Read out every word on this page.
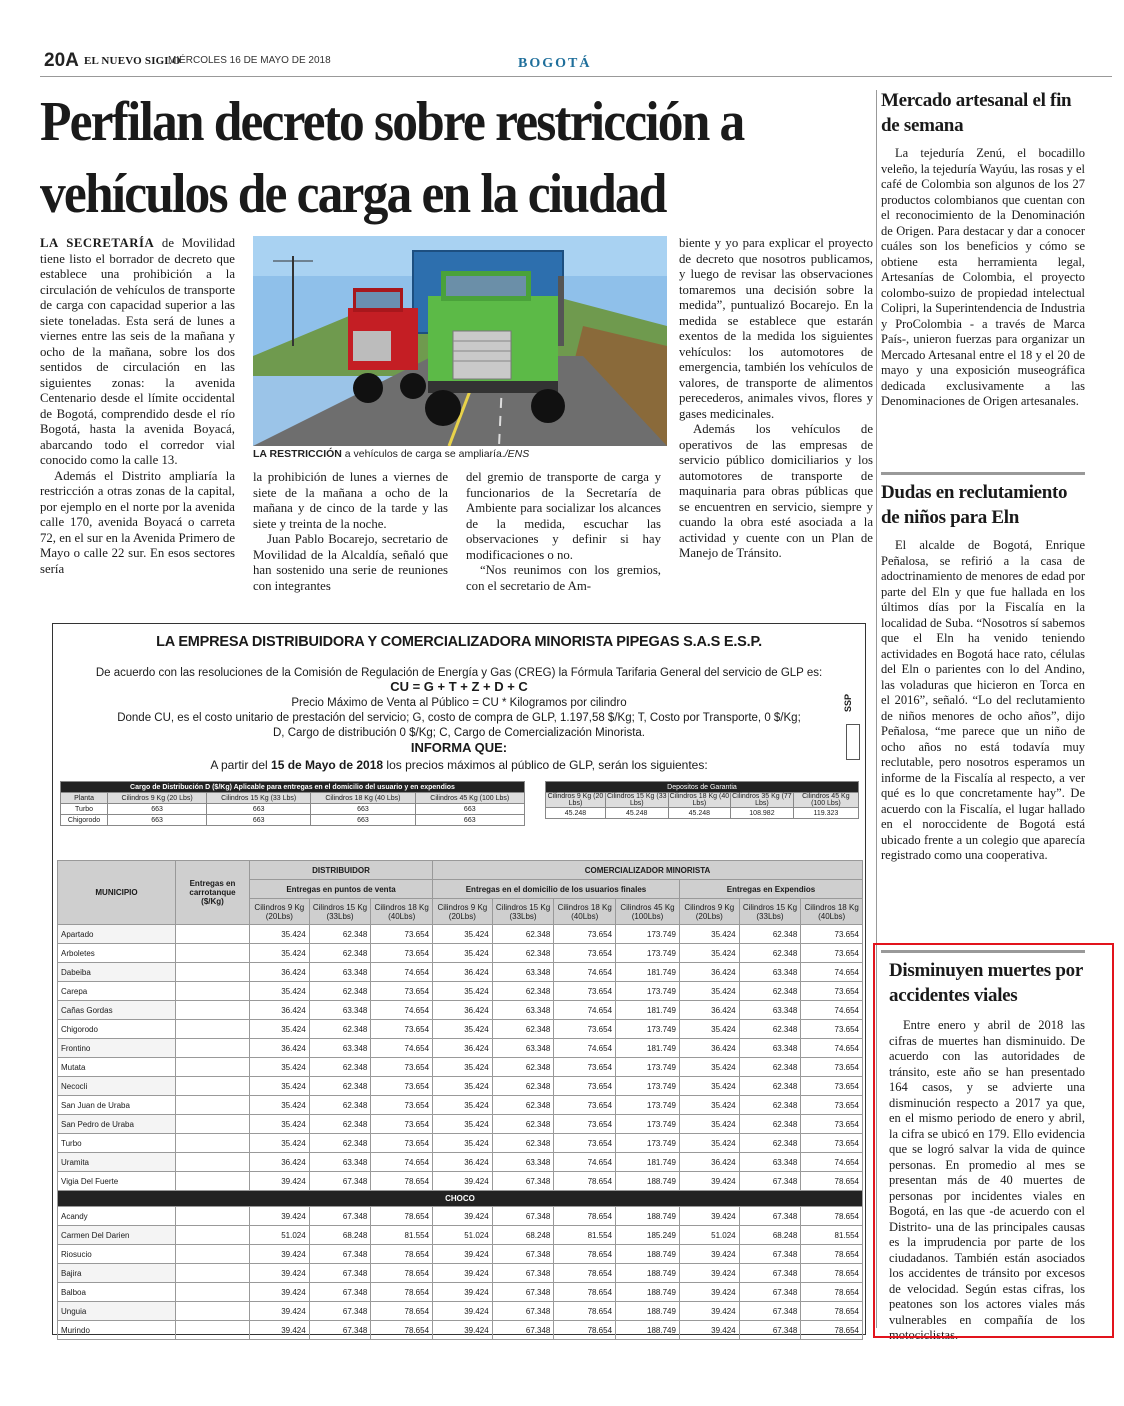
20A EL NUEVO SIGLO
MIÉRCOLES 16 DE MAYO DE 2018	BOGOTÁ
Perfilan decreto sobre restricción a vehículos de carga en la ciudad

LA SECRETARÍA de Movilidad tiene listo el borrador de decreto que establece una prohibición a la circulación de vehículos de transporte de carga con capacidad superior a las siete toneladas. Esta será de lunes a viernes entre las seis de la mañana y ocho de la mañana, sobre los dos sentidos de circulación en las siguientes zonas: la avenida Centenario desde el límite occidental de Bogotá, comprendido desde el río Bogotá, hasta la avenida Boyacá, abarcando todo el corredor vial conocido como la calle 13.

Además el Distrito ampliaría la restricción a otras zonas de la capital, por ejemplo en el norte por la avenida calle 170, avenida Boyacá o carreta 72, en el sur en la Avenida Primero de Mayo o calle 22 sur. En esos sectores sería

LA RESTRICCIÓN a vehículos de carga se ampliaría./ENS

la prohibición de lunes a viernes de siete de la mañana a ocho de la mañana y de cinco de la tarde y las siete y treinta de la noche.

Juan Pablo Bocarejo, secretario de Movilidad de la Alcaldía, señaló que han sostenido una serie de reuniones con integrantes

del gremio de transporte de carga y funcionarios de la Secretaría de Ambiente para socializar los alcances de la medida, escuchar las observaciones y definir si hay modificaciones o no.

“Nos reunimos con los gremios, con el secretario de Am-

biente y yo para explicar el proyecto de decreto que nosotros publicamos, y luego de revisar las observaciones tomaremos una decisión sobre la medida”, puntualizó Bocarejo. En la medida se establece que estarán exentos de la medida los siguientes vehículos: los automotores de emergencia, también los vehículos de valores, de transporte de alimentos perecederos, animales vivos, flores y gases medicinales.

Además los vehículos de operativos de las empresas de servicio público domiciliarios y los automotores de transporte de maquinaria para obras públicas que se encuentren en servicio, siempre y cuando la obra esté asociada a la actividad y cuente con un Plan de Manejo de Tránsito.

Mercado artesanal el fin de semana

La tejeduría Zenú, el bocadillo veleño, la tejeduría Wayúu, las rosas y el café de Colombia son algunos de los 27 productos colombianos que cuentan con el reconocimiento de la Denominación de Origen. Para destacar y dar a conocer cuáles son los beneficios y cómo se obtiene esta herramienta legal, Artesanías de Colombia, el proyecto colombo-suizo de propiedad intelectual Colipri, la Superintendencia de Industria y ProColombia - a través de Marca País-, unieron fuerzas para organizar un Mercado Artesanal entre el 18 y el 20 de mayo y una exposición museográfica dedicada exclusivamente a las Denominaciones de Origen artesanales.

Dudas en reclutamiento de niños para Eln

El alcalde de Bogotá, Enrique Peñalosa, se refirió a la casa de adoctrinamiento de menores de edad por parte del Eln y que fue hallada en los últimos días por la Fiscalía en la localidad de Suba. “Nosotros sí sabemos que el Eln ha venido teniendo actividades en Bogotá hace rato, células del Eln o parientes con lo del Andino, las voladuras que hicieron en Torca en el 2016”, señaló. “Lo del reclutamiento de niños menores de ocho años”, dijo Peñalosa, “me parece que un niño de ocho años no está todavía muy reclutable, pero nosotros esperamos un informe de la Fiscalía al respecto, a ver qué es lo que concretamente hay”. De acuerdo con la Fiscalía, el lugar hallado en el noroccidente de Bogotá está ubicado frente a un colegio que aparecía registrado como una cooperativa.

Disminuyen muertes por accidentes viales

Entre enero y abril de 2018 las cifras de muertes han disminuido. De acuerdo con las autoridades de tránsito, este año se han presentado 164 casos, y se advierte una disminución respecto a 2017 ya que, en el mismo periodo de enero y abril, la cifra se ubicó en 179. Ello evidencia que se logró salvar la vida de quince personas. En promedio al mes se presentan más de 40 muertes de personas por incidentes viales en Bogotá, en las que -de acuerdo con el Distrito- una de las principales causas es la imprudencia por parte de los ciudadanos. También están asociados los accidentes de tránsito por excesos de velocidad. Según estas cifras, los peatones son los actores viales más vulnerables en compañía de los motociclistas.

LA EMPRESA DISTRIBUIDORA Y COMERCIALIZADORA MINORISTA PIPEGAS S.A.S E.S.P.
De acuerdo con las resoluciones de la Comisión de Regulación de Energía y Gas (CREG) la Fórmula Tarifaria General del servicio de GLP es:
CU = G + T + Z + D + C
Precio Máximo de Venta al Público = CU * Kilogramos por cilindro
Donde CU, es el costo unitario de prestación del servicio; G, costo de compra de GLP, 1.197,58 $/Kg; T, Costo por Transporte, 0 $/Kg;
D, Cargo de distribución 0 $/Kg; C, Cargo de Comercialización Minorista.
INFORMA QUE:
A partir del 15 de Mayo de 2018 los precios máximos al público de GLP, serán los siguientes:
SSP
Cargo de Distribución D ($/Kg) Aplicable para entregas en el domicilio del usuario y en expendios				
Planta	Cilindros 9 Kg (20 Lbs)	Cilindros 15 Kg (33 Lbs)	Cilindros 18 Kg (40 Lbs)	Cilindros 45 Kg (100 Lbs)
Turbo	663	663	663	663
Chigorodo	663	663	663	663
Depositos de Garantia				
Cilindros 9 Kg (20 Lbs)	Cilindros 15 Kg (33 Lbs)	Cilindros 18 Kg (40 Lbs)	Cilindros 35 Kg (77 Lbs)	Cilindros 45 Kg (100 Lbs)
45.248	45.248	45.248	108.982	119.323
MUNICIPIO	Entregas en carrotanque ($/Kg)	DISTRIBUIDOR			COMERCIALIZADOR MINORISTA						
		Entregas en puntos de venta			Entregas en el domicilio de los usuarios finales				Entregas en Expendios		
		Cilindros 9 Kg (20Lbs)	Cilindros 15 Kg (33Lbs)	Cilindros 18 Kg (40Lbs)	Cilindros 9 Kg (20Lbs)	Cilindros 15 Kg (33Lbs)	Cilindros 18 Kg (40Lbs)	Cilindros 45 Kg (100Lbs)	Cilindros 9 Kg (20Lbs)	Cilindros 15 Kg (33Lbs)	Cilindros 18 Kg (40Lbs)
Apartado		35.424	62.348	73.654	35.424	62.348	73.654	173.749	35.424	62.348	73.654
Arboletes		35.424	62.348	73.654	35.424	62.348	73.654	173.749	35.424	62.348	73.654
Dabeiba		36.424	63.348	74.654	36.424	63.348	74.654	181.749	36.424	63.348	74.654
Carepa		35.424	62.348	73.654	35.424	62.348	73.654	173.749	35.424	62.348	73.654
Cañas Gordas		36.424	63.348	74.654	36.424	63.348	74.654	181.749	36.424	63.348	74.654
Chigorodo		35.424	62.348	73.654	35.424	62.348	73.654	173.749	35.424	62.348	73.654
Frontino		36.424	63.348	74.654	36.424	63.348	74.654	181.749	36.424	63.348	74.654
Mutata		35.424	62.348	73.654	35.424	62.348	73.654	173.749	35.424	62.348	73.654
Necocli		35.424	62.348	73.654	35.424	62.348	73.654	173.749	35.424	62.348	73.654
San Juan de Uraba		35.424	62.348	73.654	35.424	62.348	73.654	173.749	35.424	62.348	73.654
San Pedro de Uraba		35.424	62.348	73.654	35.424	62.348	73.654	173.749	35.424	62.348	73.654
Turbo		35.424	62.348	73.654	35.424	62.348	73.654	173.749	35.424	62.348	73.654
Uramita		36.424	63.348	74.654	36.424	63.348	74.654	181.749	36.424	63.348	74.654
Vigia Del Fuerte		39.424	67.348	78.654	39.424	67.348	78.654	188.749	39.424	67.348	78.654
CHOCO											
Acandy		39.424	67.348	78.654	39.424	67.348	78.654	188.749	39.424	67.348	78.654
Carmen Del Darien		51.024	68.248	81.554	51.024	68.248	81.554	185.249	51.024	68.248	81.554
Riosucio		39.424	67.348	78.654	39.424	67.348	78.654	188.749	39.424	67.348	78.654
Bajira		39.424	67.348	78.654	39.424	67.348	78.654	188.749	39.424	67.348	78.654
Balboa		39.424	67.348	78.654	39.424	67.348	78.654	188.749	39.424	67.348	78.654
Unguia		39.424	67.348	78.654	39.424	67.348	78.654	188.749	39.424	67.348	78.654
Murindo		39.424	67.348	78.654	39.424	67.348	78.654	188.749	39.424	67.348	78.654
